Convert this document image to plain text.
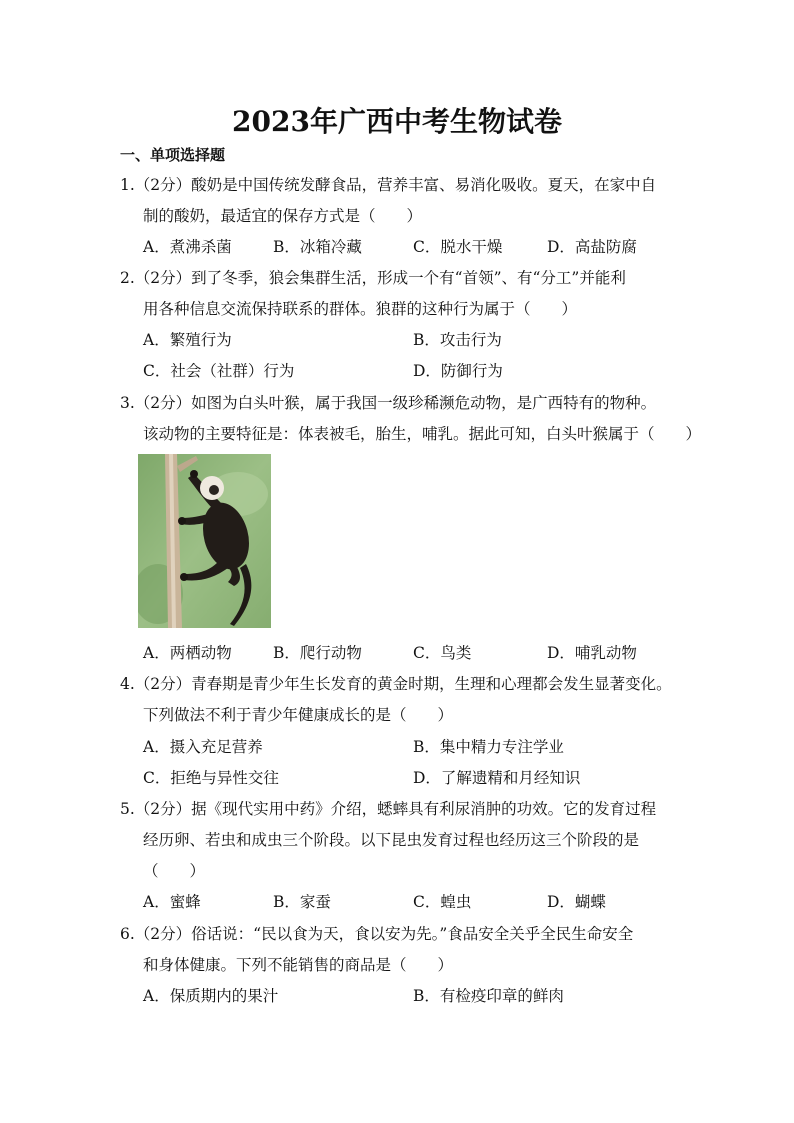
2023年广西中考生物试卷
一、单项选择题
1.（2分）酸奶是中国传统发酵食品，营养丰富、易消化吸收。夏天，在家中自
制的酸奶，最适宜的保存方式是（　　）
A．煮沸杀菌	B．冰箱冷藏	C．脱水干燥	D．高盐防腐
2.（2分）到了冬季，狼会集群生活，形成一个有“首领”、有“分工”并能利
用各种信息交流保持联系的群体。狼群的这种行为属于（　　）
A．繁殖行为	B．攻击行为
C．社会（社群）行为	D．防御行为
3.（2分）如图为白头叶猴，属于我国一级珍稀濒危动物，是广西特有的物种。
该动物的主要特征是：体表被毛，胎生，哺乳。据此可知，白头叶猴属于（　　）
A．两栖动物	B．爬行动物	C．鸟类	D．哺乳动物
4.（2分）青春期是青少年生长发育的黄金时期，生理和心理都会发生显著变化。
下列做法不利于青少年健康成长的是（　　）
A．摄入充足营养	B．集中精力专注学业
C．拒绝与异性交往	D．了解遗精和月经知识
5.（2分）据《现代实用中药》介绍，蟋蟀具有利尿消肿的功效。它的发育过程
经历卵、若虫和成虫三个阶段。以下昆虫发育过程也经历这三个阶段的是
（　　）
A．蜜蜂	B．家蚕	C．蝗虫	D．蝴蝶
6.（2分）俗话说：“民以食为天，食以安为先。”食品安全关乎全民生命安全
和身体健康。下列不能销售的商品是（　　）
A．保质期内的果汁	B．有检疫印章的鲜肉
